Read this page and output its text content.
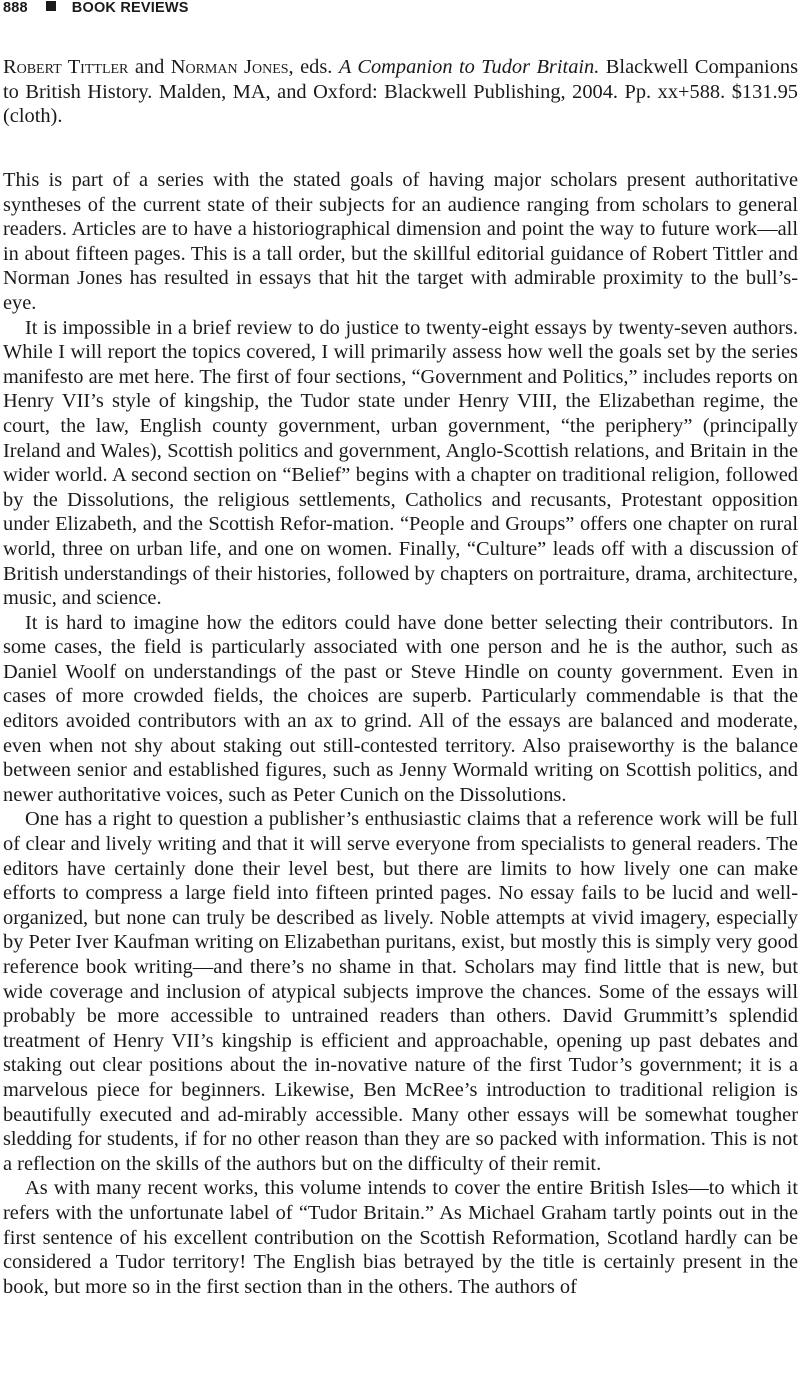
888	BOOK REVIEWS
Robert Tittler and Norman Jones, eds. A Companion to Tudor Britain. Blackwell Companions to British History. Malden, MA, and Oxford: Blackwell Publishing, 2004. Pp. xx+588. $131.95 (cloth).

This is part of a series with the stated goals of having major scholars present authoritative syntheses of the current state of their subjects for an audience ranging from scholars to general readers. Articles are to have a historiographical dimension and point the way to future work—all in about fifteen pages. This is a tall order, but the skillful editorial guidance of Robert Tittler and Norman Jones has resulted in essays that hit the target with admirable proximity to the bull’s-eye.

It is impossible in a brief review to do justice to twenty-eight essays by twenty-seven authors. While I will report the topics covered, I will primarily assess how well the goals set by the series manifesto are met here. The first of four sections, “Government and Politics,” includes reports on Henry VII’s style of kingship, the Tudor state under Henry VIII, the Elizabethan regime, the court, the law, English county government, urban government, “the periphery” (principally Ireland and Wales), Scottish politics and government, Anglo-Scottish relations, and Britain in the wider world. A second section on “Belief” begins with a chapter on traditional religion, followed by the Dissolutions, the religious settlements, Catholics and recusants, Protestant opposition under Elizabeth, and the Scottish Refor-mation. “People and Groups” offers one chapter on rural world, three on urban life, and one on women. Finally, “Culture” leads off with a discussion of British understandings of their histories, followed by chapters on portraiture, drama, architecture, music, and science.

It is hard to imagine how the editors could have done better selecting their contributors. In some cases, the field is particularly associated with one person and he is the author, such as Daniel Woolf on understandings of the past or Steve Hindle on county government. Even in cases of more crowded fields, the choices are superb. Particularly commendable is that the editors avoided contributors with an ax to grind. All of the essays are balanced and moderate, even when not shy about staking out still-contested territory. Also praiseworthy is the balance between senior and established figures, such as Jenny Wormald writing on Scottish politics, and newer authoritative voices, such as Peter Cunich on the Dissolutions.

One has a right to question a publisher’s enthusiastic claims that a reference work will be full of clear and lively writing and that it will serve everyone from specialists to general readers. The editors have certainly done their level best, but there are limits to how lively one can make efforts to compress a large field into fifteen printed pages. No essay fails to be lucid and well-organized, but none can truly be described as lively. Noble attempts at vivid imagery, especially by Peter Iver Kaufman writing on Elizabethan puritans, exist, but mostly this is simply very good reference book writing—and there’s no shame in that. Scholars may find little that is new, but wide coverage and inclusion of atypical subjects improve the chances. Some of the essays will probably be more accessible to untrained readers than others. David Grummitt’s splendid treatment of Henry VII’s kingship is efficient and approachable, opening up past debates and staking out clear positions about the in-novative nature of the first Tudor’s government; it is a marvelous piece for beginners. Likewise, Ben McRee’s introduction to traditional religion is beautifully executed and ad-mirably accessible. Many other essays will be somewhat tougher sledding for students, if for no other reason than they are so packed with information. This is not a reflection on the skills of the authors but on the difficulty of their remit.

As with many recent works, this volume intends to cover the entire British Isles—to which it refers with the unfortunate label of “Tudor Britain.” As Michael Graham tartly points out in the first sentence of his excellent contribution on the Scottish Reformation, Scotland hardly can be considered a Tudor territory! The English bias betrayed by the title is certainly present in the book, but more so in the first section than in the others. The authors of
